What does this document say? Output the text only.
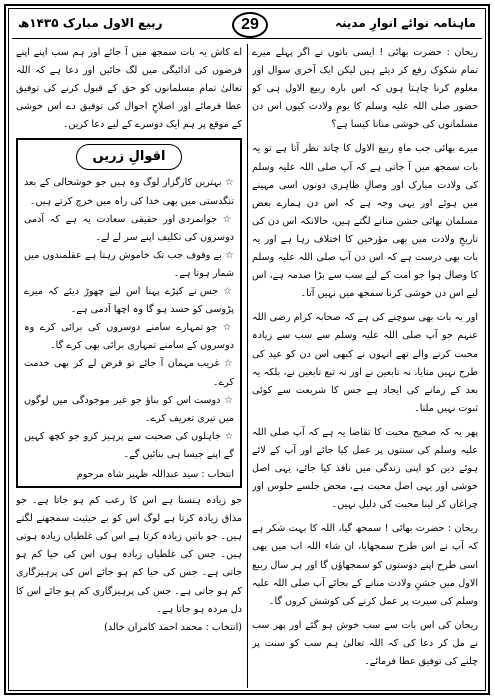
ماہنامہ نوائے انوارِ مدینہ
29
ربیع الاول مبارک ۱۴۳۵ھ

ریحان : حضرت بھائی ! ایسی باتوں نے اگر پہلے میرے تمام شکوک رفع کر دیئے ہیں لیکن ایک آخری سوال اور معلوم کرنا چاہتا ہوں کہ اس بارہ ربیع الاول ہی کو حضور صلی اللہ علیہ وسلم کا یومِ ولادت کیوں اس دن مسلمانوں کی خوشی منانا کیسا ہے؟

میرے بھائی جب ماہِ ربیع الاول کا چاند نظر آتا ہے تو یہ بات سمجھ میں آ جاتی ہے کہ آپ صلی اللہ علیہ وسلم کی ولادت مبارک اور وصالِ ظاہری دونوں اسی مہینے میں ہوئے اور یہی وجہ ہے کہ اس دن ہمارے بعض مسلمان بھائی جشن منانے لگتے ہیں، حالانکہ اس دن کی تاریخِ ولادت میں بھی مؤرخین کا اختلاف رہا ہے اور یہ بات بھی درست ہے کہ اس دن آپ صلی اللہ علیہ وسلم کا وصال ہوا جو امت کے لیے سب سے بڑا صدمہ ہے، اس لیے اس دن خوشی کرنا سمجھ میں نہیں آتا۔

اور یہ بات بھی سوچنے کی ہے کہ صحابہ کرام رضی اللہ عنہم جو آپ صلی اللہ علیہ وسلم سے سب سے زیادہ محبت کرنے والے تھے انہوں نے کبھی اس دن کو عید کی طرح نہیں منایا، نہ تابعین نے اور نہ تبع تابعین نے، بلکہ یہ بعد کے زمانے کی ایجاد ہے جس کا شریعت سے کوئی ثبوت نہیں ملتا۔

پھر یہ کہ صحیح محبت کا تقاضا یہ ہے کہ آپ صلی اللہ علیہ وسلم کی سنتوں پر عمل کیا جائے اور آپ کے لائے ہوئے دین کو اپنی زندگی میں نافذ کیا جائے، یہی اصل خوشی اور یہی اصل محبت ہے، محض جلسے جلوس اور چراغاں کر لینا محبت کی دلیل نہیں۔

ریحان : حضرت بھائی ! سمجھ گیا، اللہ کا بہت شکر ہے کہ آپ نے اس طرح سمجھایا، ان شاء اللہ اب میں بھی اسی طرح اپنے دوستوں کو سمجھاؤں گا اور ہر سال ربیع الاول میں جشنِ ولادت منانے کے بجائے آپ صلی اللہ علیہ وسلم کی سیرت پر عمل کرنے کی کوشش کروں گا۔

ریحان کی اس بات سے سب خوش ہو گئے اور پھر سب نے مل کر دعا کی کہ اللہ تعالیٰ ہم سب کو سنت پر چلنے کی توفیق عطا فرمائے۔

اے کاش یہ بات سمجھ میں آ جائے اور ہم سب اپنے اپنے فرضوں کی ادائیگی میں لگ جائیں اور دعا ہے کہ اللہ تعالیٰ تمام مسلمانوں کو حق کے قبول کرنے کی توفیق عطا فرمائے اور اصلاحِ احوال کی توفیق دے اس خوشی کے موقع پر ہم ایک دوسرے کے لیے دعا کریں۔

اقوالِ زریں

☆ بہترین کارگزار لوگ وہ ہیں جو خوشحالی کے بعد تنگدستی میں بھی خدا کی راہ میں خرچ کرتے ہیں۔

☆ جوانمردی اور حقیقی سعادت یہ ہے کہ آدمی دوسروں کی تکلیف اپنے سر لے لے۔

☆ بے وقوف جب تک خاموش رہتا ہے عقلمندوں میں شمار ہوتا ہے۔

☆ جس نے کپڑے پہنا اس لیے چھوڑ دیئے کہ میرے پڑوسی کو حسد ہو گا وہ اچھا آدمی ہے۔

☆ جو تمہارے سامنے دوسروں کی برائی کرے وہ دوسروں کے سامنے تمہاری برائی بھی کرے گا۔

☆ غریب مہمان آ جائے تو قرض لے کر بھی خدمت کرے۔

☆ دوست اس کو بناؤ جو غیر موجودگی میں لوگوں میں تیری تعریف کرے۔

☆ جاہلوں کی صحبت سے پرہیز کرو جو کچھ کہیں گے اپنے جیسا ہی بنائیں گے۔

انتخاب : سید عبداللہ ظہیر شاہ مرحوم

جو زیادہ ہنستا ہے اس کا رعب کم ہو جاتا ہے۔ جو مذاق زیادہ کرتا ہے لوگ اس کو بے حیثیت سمجھنے لگتے ہیں۔ جو باتیں زیادہ کرتا ہے اس کی غلطیاں زیادہ ہوتی ہیں۔ جس کی غلطیاں زیادہ ہوں اس کی حیا کم ہو جاتی ہے۔ جس کی حیا کم ہو جائے اس کی پرہیزگاری کم ہو جاتی ہے۔ جس کی پرہیزگاری کم ہو جائے اس کا دل مردہ ہو جاتا ہے۔

(انتخاب : محمد احمد کامران خالد)
